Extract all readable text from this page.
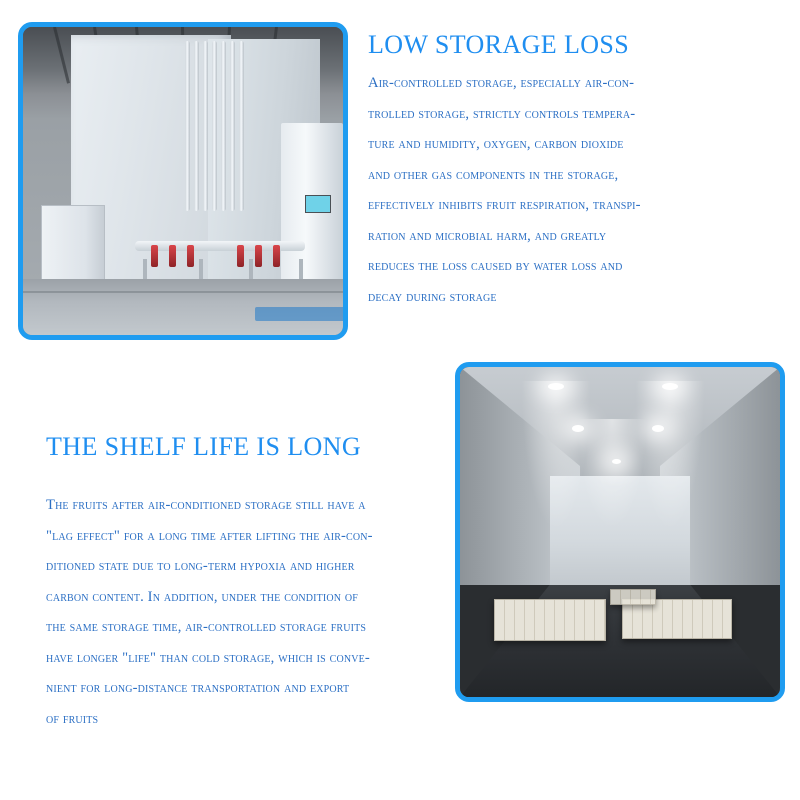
LOW STORAGE LOSS

Air-controlled storage, especially air-con-

trolled storage, strictly controls tempera-

ture and humidity, oxygen, carbon dioxide

and other gas components in the storage,

effectively inhibits fruit respiration, transpi-

ration and microbial harm, and greatly

reduces the loss caused by water loss and

decay during storage

THE SHELF LIFE IS LONG

The fruits after air-conditioned storage still have a

"lag effect" for a long time after lifting the air-con-

ditioned state due to long-term hypoxia and higher

carbon content. In addition, under the condition of

the same storage time, air-controlled storage fruits

have longer "life" than cold storage, which is conve-

nient for long-distance transportation and export

of fruits
